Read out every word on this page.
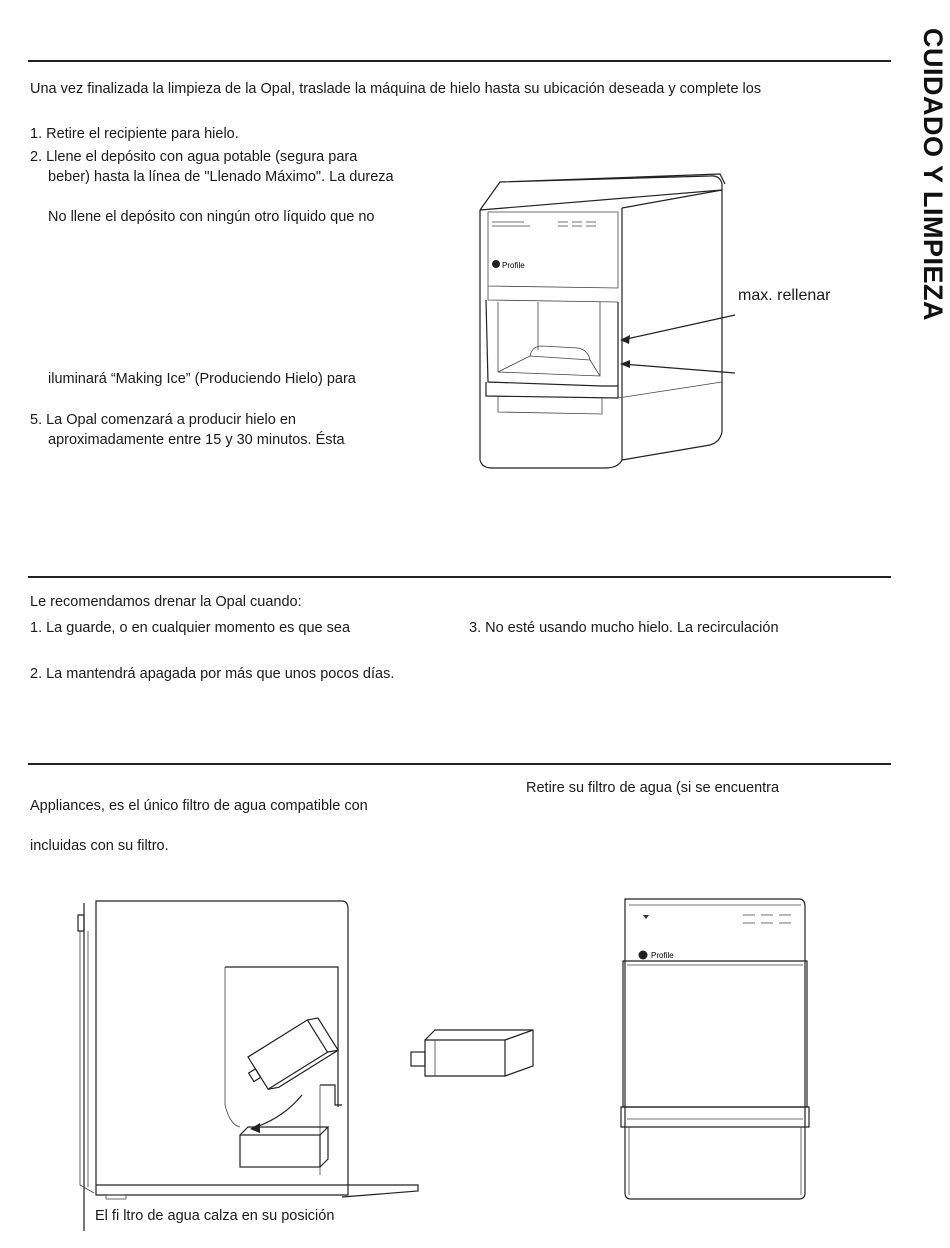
CUIDADO Y LIMPIEZA
Una vez finalizada la limpieza de la Opal, traslade la máquina de hielo hasta su ubicación deseada y complete los
1. Retire el recipiente para hielo.
2. Llene el depósito con agua potable (segura para
beber) hasta la línea de "Llenado Máximo". La dureza
No llene el depósito con ningún otro líquido que no
iluminará “Making Ice” (Produciendo Hielo) para
5. La Opal comenzará a producir hielo en
aproximadamente entre 15 y 30 minutos. Ésta
Profile
max. rellenar
Le recomendamos drenar la Opal cuando:
1. La guarde, o en cualquier momento es que sea
2. La mantendrá apagada por más que unos pocos días.
3. No esté usando mucho hielo. La recirculación
Retire su filtro de agua (si se encuentra
Appliances, es el único filtro de agua compatible con
incluidas con su filtro.
Profile
El fi ltro de agua calza en su posición
